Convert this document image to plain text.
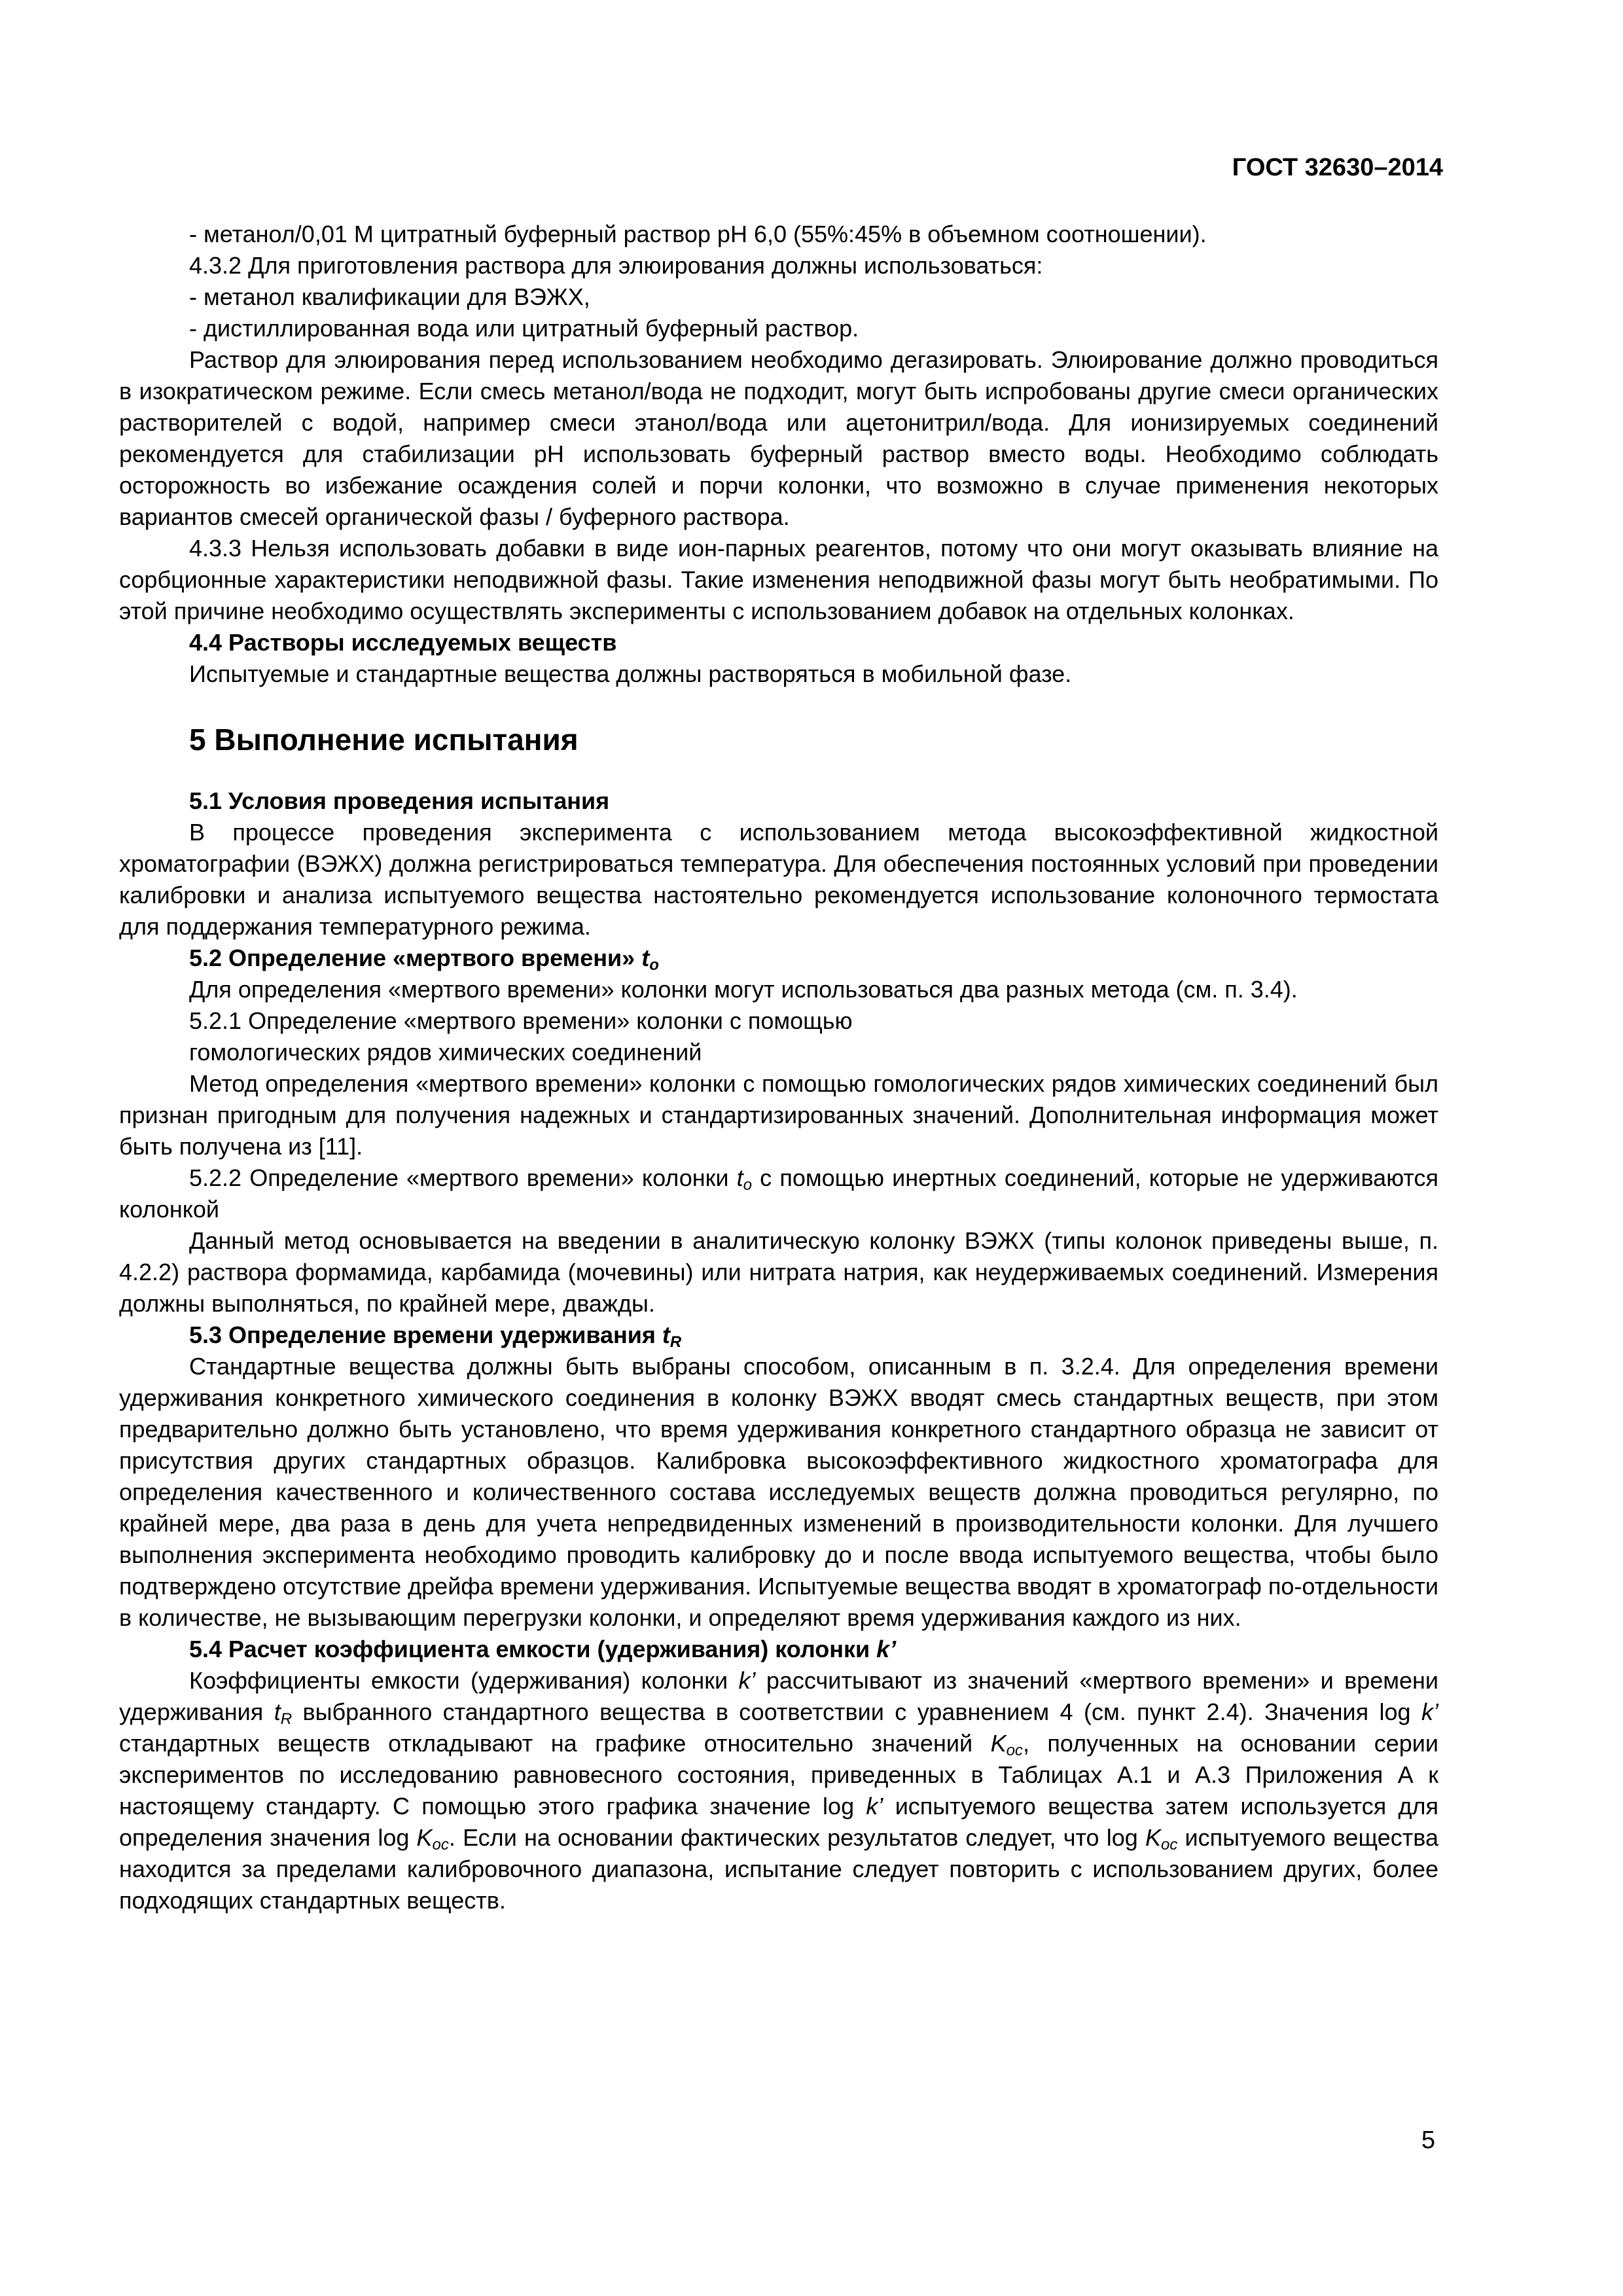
ГОСТ 32630–2014

- метанол/0,01 М цитратный буферный раствор pH 6,0 (55%:45% в объемном соотношении).

4.3.2 Для приготовления раствора для элюирования должны использоваться:

- метанол квалификации для ВЭЖХ,

- дистиллированная вода или цитратный буферный раствор.

Раствор для элюирования перед использованием необходимо дегазировать. Элюирование должно проводиться в изократическом режиме. Если смесь метанол/вода не подходит, могут быть испробованы другие смеси органических растворителей с водой, например смеси этанол/вода или ацетонитрил/вода. Для ионизируемых соединений рекомендуется для стабилизации pH использовать буферный раствор вместо воды. Необходимо соблюдать осторожность во избежание осаждения солей и порчи колонки, что возможно в случае применения некоторых вариантов смесей органической фазы / буферного раствора.

4.3.3 Нельзя использовать добавки в виде ион-парных реагентов, потому что они могут оказывать влияние на сорбционные характеристики неподвижной фазы. Такие изменения неподвижной фазы могут быть необратимыми. По этой причине необходимо осуществлять эксперименты с использованием добавок на отдельных колонках.

4.4 Растворы исследуемых веществ

Испытуемые и стандартные вещества должны растворяться в мобильной фазе.

5 Выполнение испытания

5.1 Условия проведения испытания

В процессе проведения эксперимента с использованием метода высокоэффективной жидкостной хроматографии (ВЭЖХ) должна регистрироваться температура. Для обеспечения постоянных условий при проведении калибровки и анализа испытуемого вещества настоятельно рекомендуется использование колоночного термостата для поддержания температурного режима.

5.2 Определение «мертвого времени» $t_o$

Для определения «мертвого времени» колонки могут использоваться два разных метода (см. п. 3.4).

5.2.1 Определение «мертвого времени» колонки с помощью

гомологических рядов химических соединений

Метод определения «мертвого времени» колонки с помощью гомологических рядов химических соединений был признан пригодным для получения надежных и стандартизированных значений. Дополнительная информация может быть получена из [11].

5.2.2 Определение «мертвого времени» колонки $t_o$ с помощью инертных соединений, которые не удерживаются колонкой

Данный метод основывается на введении в аналитическую колонку ВЭЖХ (типы колонок приведены выше, п. 4.2.2) раствора формамида, карбамида (мочевины) или нитрата натрия, как неудерживаемых соединений. Измерения должны выполняться, по крайней мере, дважды.

5.3 Определение времени удерживания $t_R$

Стандартные вещества должны быть выбраны способом, описанным в п. 3.2.4. Для определения времени удерживания конкретного химического соединения в колонку ВЭЖХ вводят смесь стандартных веществ, при этом предварительно должно быть установлено, что время удерживания конкретного стандартного образца не зависит от присутствия других стандартных образцов. Калибровка высокоэффективного жидкостного хроматографа для определения качественного и количественного состава исследуемых веществ должна проводиться регулярно, по крайней мере, два раза в день для учета непредвиденных изменений в производительности колонки. Для лучшего выполнения эксперимента необходимо проводить калибровку до и после ввода испытуемого вещества, чтобы было подтверждено отсутствие дрейфа времени удерживания. Испытуемые вещества вводят в хроматограф по-отдельности в количестве, не вызывающим перегрузки колонки, и определяют время удерживания каждого из них.

5.4 Расчет коэффициента емкости (удерживания) колонки k’

Коэффициенты емкости (удерживания) колонки k’ рассчитывают из значений «мертвого времени» и времени удерживания $t_R$ выбранного стандартного вещества в соответствии с уравнением 4 (см. пункт 2.4). Значения log k’ стандартных веществ откладывают на графике относительно значений $K_{oc}$, полученных на основании серии экспериментов по исследованию равновесного состояния, приведенных в Таблицах А.1 и А.3 Приложения А к настоящему стандарту. С помощью этого графика значение log k’ испытуемого вещества затем используется для определения значения $\log K_{oc}$. Если на основании фактических результатов следует, что $\log K_{oc}$ испытуемого вещества находится за пределами калибровочного диапазона, испытание следует повторить с использованием других, более подходящих стандартных веществ.

5
